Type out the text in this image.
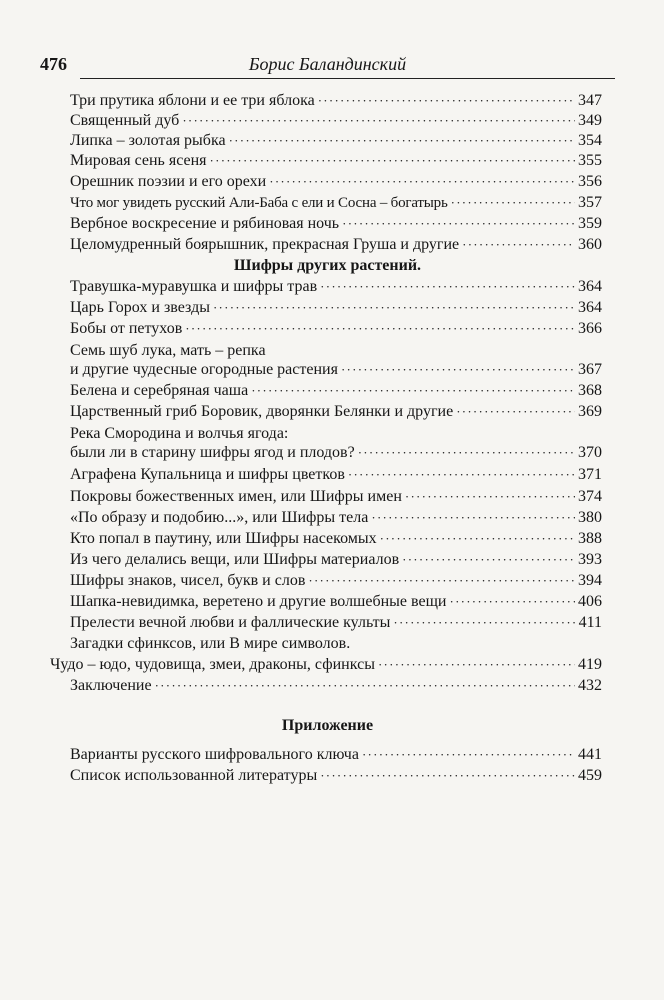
476	Борис Баландинский
Три прутика яблони и ее три яблока · · ·	347
Священный дуб · · ·	349
Липка – золотая рыбка · · ·	354
Мировая сень ясеня · · ·	355
Орешник поэзии и его орехи · · ·	356
Что мог увидеть русский Али-Баба с ели и Сосна – богатырь · · ·	357
Вербное воскресение и рябиновая ночь · · ·	359
Целомудренный боярышник, прекрасная Груша и другие · · ·	360
Шифры других растений.
Травушка-муравушка и шифры трав · · ·	364
Царь Горох и звезды · · ·	364
Бобы от петухов · · ·	366
Семь шуб лука, мать – репка
и другие чудесные огородные растения · · ·	367
Белена и серебряная чаша · · ·	368
Царственный гриб Боровик, дворянки Белянки и другие · · ·	369
Река Смородина и волчья ягода:
были ли в старину шифры ягод и плодов? · · ·	370
Аграфена Купальница и шифры цветков · · ·	371
Покровы божественных имен, или Шифры имен · · ·	374
«По образу и подобию...», или Шифры тела · · ·	380
Кто попал в паутину, или Шифры насекомых · · ·	388
Из чего делались вещи, или Шифры материалов · · ·	393
Шифры знаков, чисел, букв и слов · · ·	394
Шапка-невидимка, веретено и другие волшебные вещи · · ·	406
Прелести вечной любви и фаллические культы · · ·	411
Загадки сфинксов, или В мире символов.
Чудо – юдо, чудовища, змеи, драконы, сфинксы · · ·	419
Заключение · · ·	432
Приложение
Варианты русского шифровального ключа · · ·	441
Список использованной литературы · · ·	459
